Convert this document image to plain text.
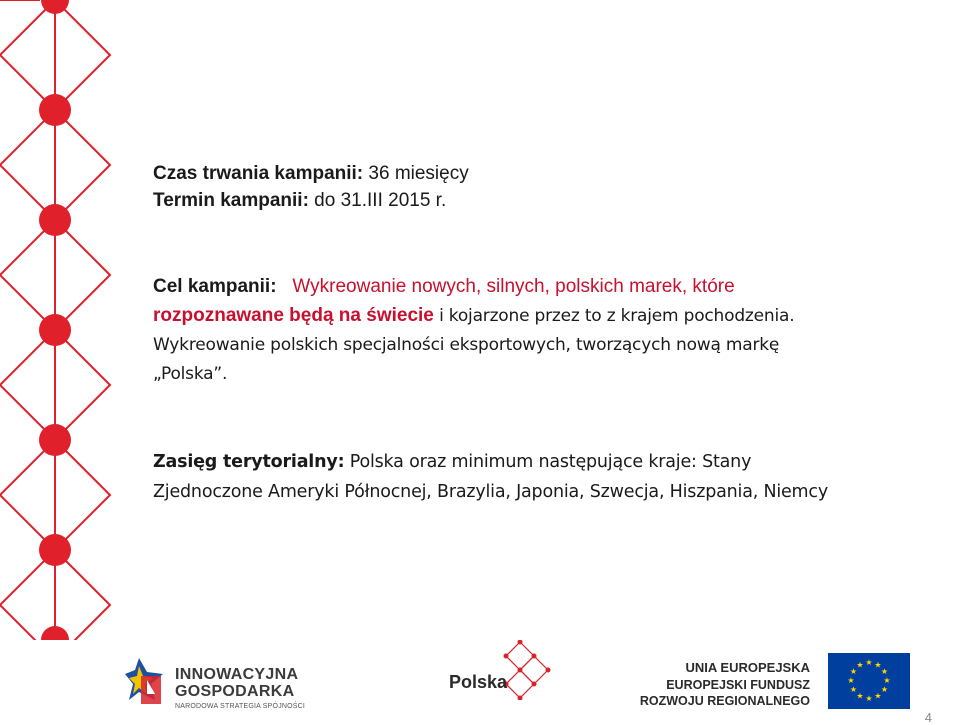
Czas trwania kampanii: 36 miesięcy
Termin kampanii: do 31.III 2015 r.
Cel kampanii: Wykreowanie nowych, silnych, polskich marek, które
rozpoznawane będą na świecie i kojarzone przez to z krajem pochodzenia.
Wykreowanie polskich specjalności eksportowych, tworzących nową markę
„Polska”.
Zasięg terytorialny: Polska oraz minimum następujące kraje: Stany
Zjednoczone Ameryki Północnej, Brazylia, Japonia, Szwecja, Hiszpania, Niemcy
INNOWACYJNA
GOSPODARKA
NARODOWA STRATEGIA SPÓJNOŚCI
Polska
UNIA EUROPEJSKA
EUROPEJSKI FUNDUSZ
ROZWOJU REGIONALNEGO
★ ★
★
★
★
★
★
★
★
★
★
★
4
